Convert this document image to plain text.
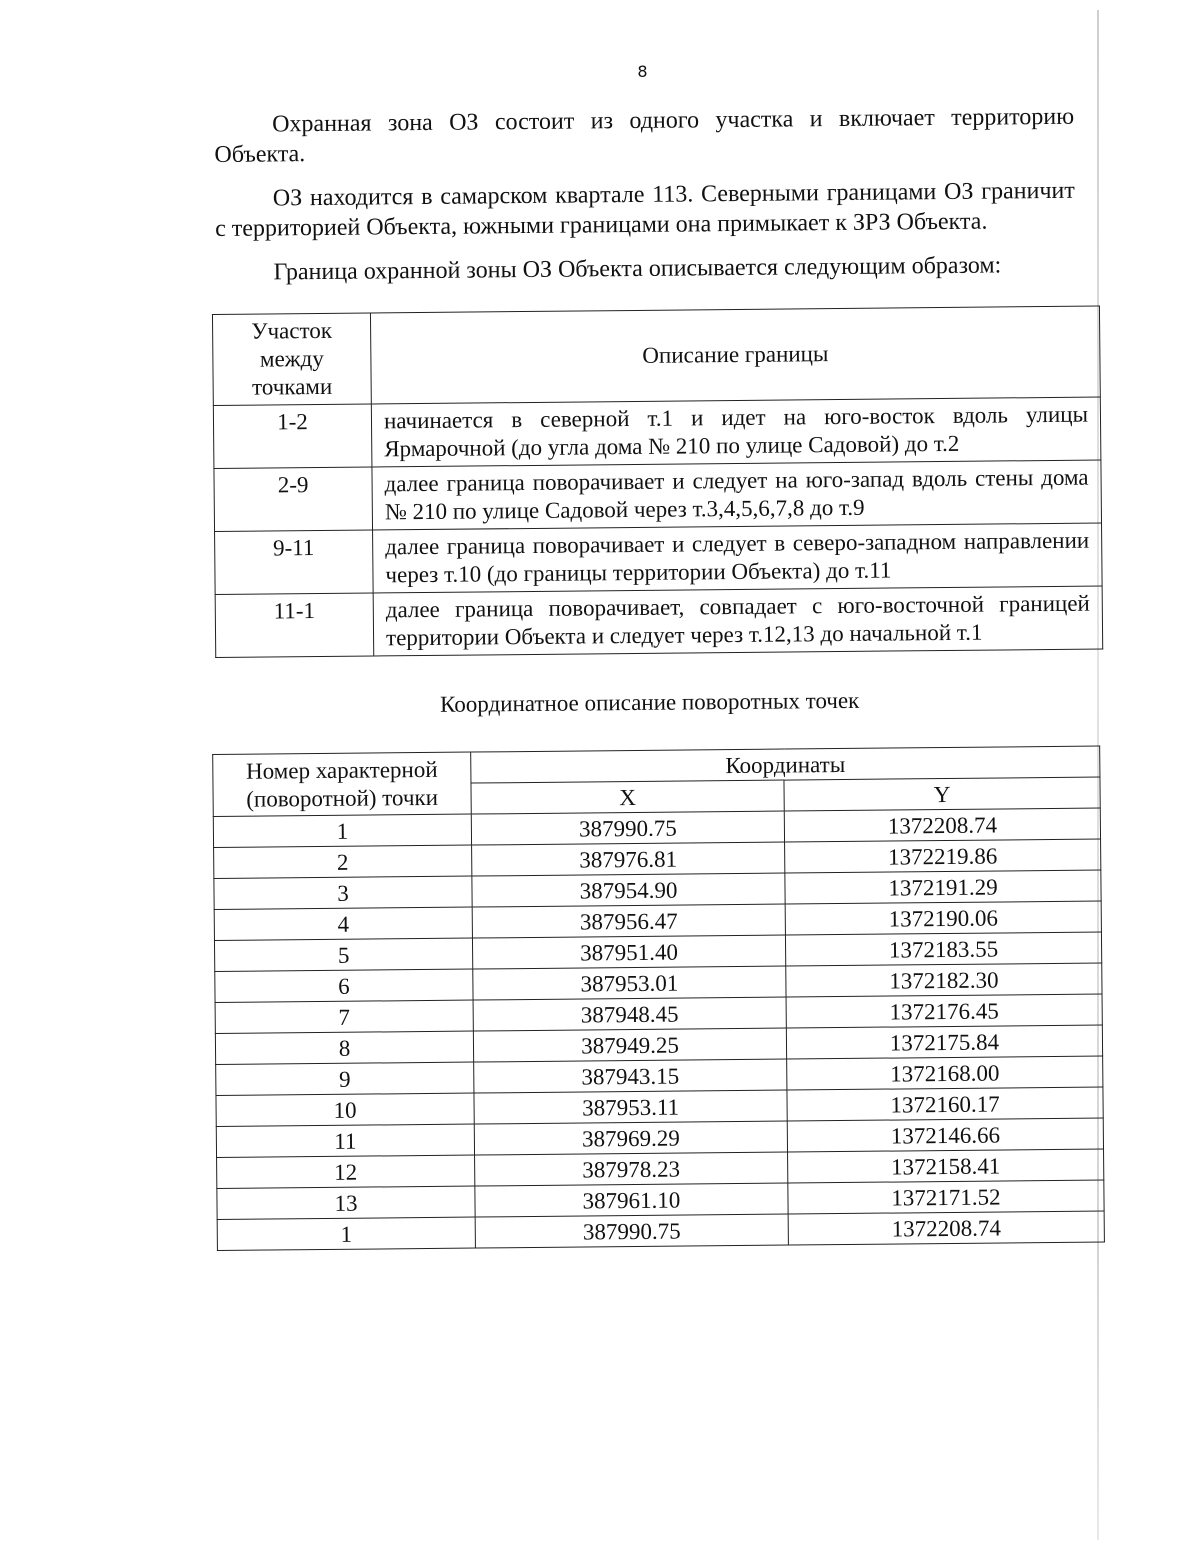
8

Охранная зона ОЗ состоит из одного участка и включает территорию Объекта.

ОЗ находится в самарском квартале 113. Северными границами ОЗ граничит с территорией Объекта, южными границами она примыкает к ЗРЗ Объекта.

Граница охранной зоны ОЗ Объекта описывается следующим образом:

Участок между точками	Описание границы
1-2	начинается в северной т.1 и идет на юго-восток вдоль улицы Ярмарочной (до угла дома № 210 по улице Садовой) до т.2
2-9	далее граница поворачивает и следует на юго-запад вдоль стены дома № 210 по улице Садовой через т.3,4,5,6,7,8 до т.9
9-11	далее граница поворачивает и следует в северо-западном направлении через т.10 (до границы территории Объекта) до т.11
11-1	далее граница поворачивает, совпадает с юго-восточной границей территории Объекта и следует через т.12,13 до начальной т.1
Координатное описание поворотных точек
Номер характерной (поворотной) точки	Координаты	
	X	Y
1	387990.75	1372208.74
2	387976.81	1372219.86
3	387954.90	1372191.29
4	387956.47	1372190.06
5	387951.40	1372183.55
6	387953.01	1372182.30
7	387948.45	1372176.45
8	387949.25	1372175.84
9	387943.15	1372168.00
10	387953.11	1372160.17
11	387969.29	1372146.66
12	387978.23	1372158.41
13	387961.10	1372171.52
1	387990.75	1372208.74
